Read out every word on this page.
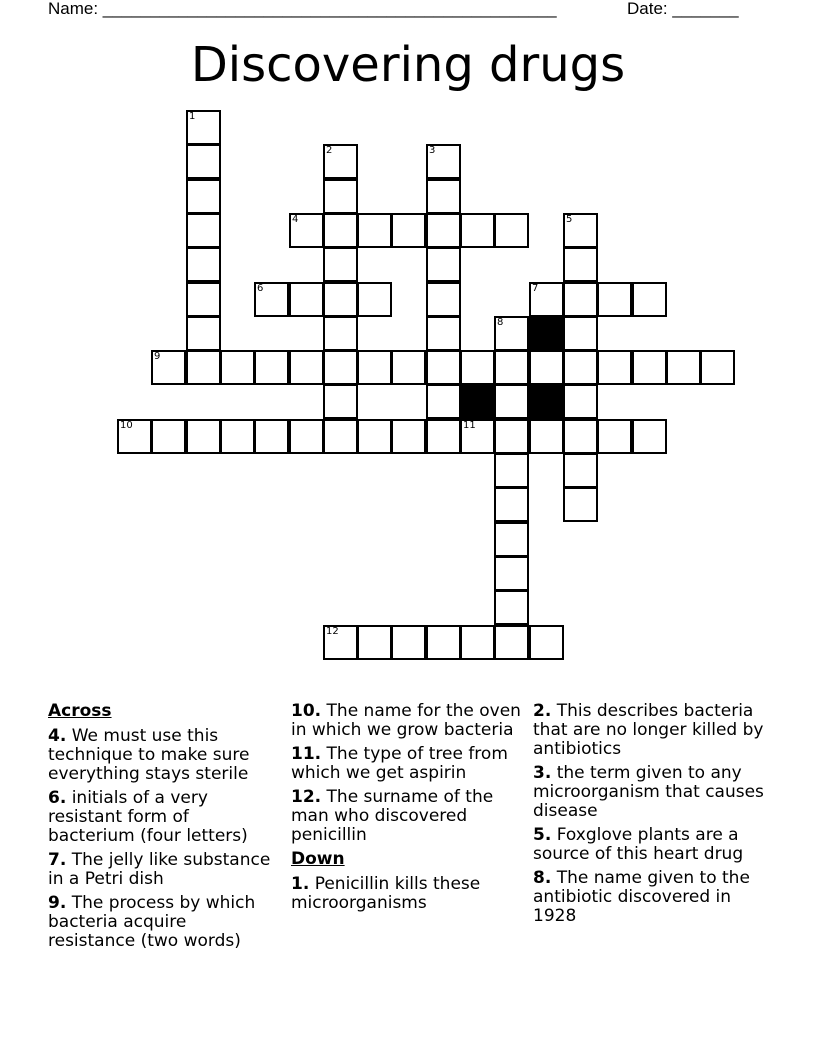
Name: ________________________________________________	Date: _______
Discovering drugs
1
2	3
5
8
4
6	7
9
10	11
12
Across
4. We must use this technique to make sure everything stays sterile
6. initials of a very resistant form of bacterium (four letters)
7. The jelly like substance in a Petri dish
9. The process by which bacteria acquire resistance (two words)
10. The name for the oven in which we grow bacteria
11. The type of tree from which we get aspirin
12. The surname of the man who discovered penicillin
Down
1. Penicillin kills these microorganisms
2. This describes bacteria that are no longer killed by antibiotics
3. the term given to any microorganism that causes disease
5. Foxglove plants are a source of this heart drug
8. The name given to the antibiotic discovered in 1928
